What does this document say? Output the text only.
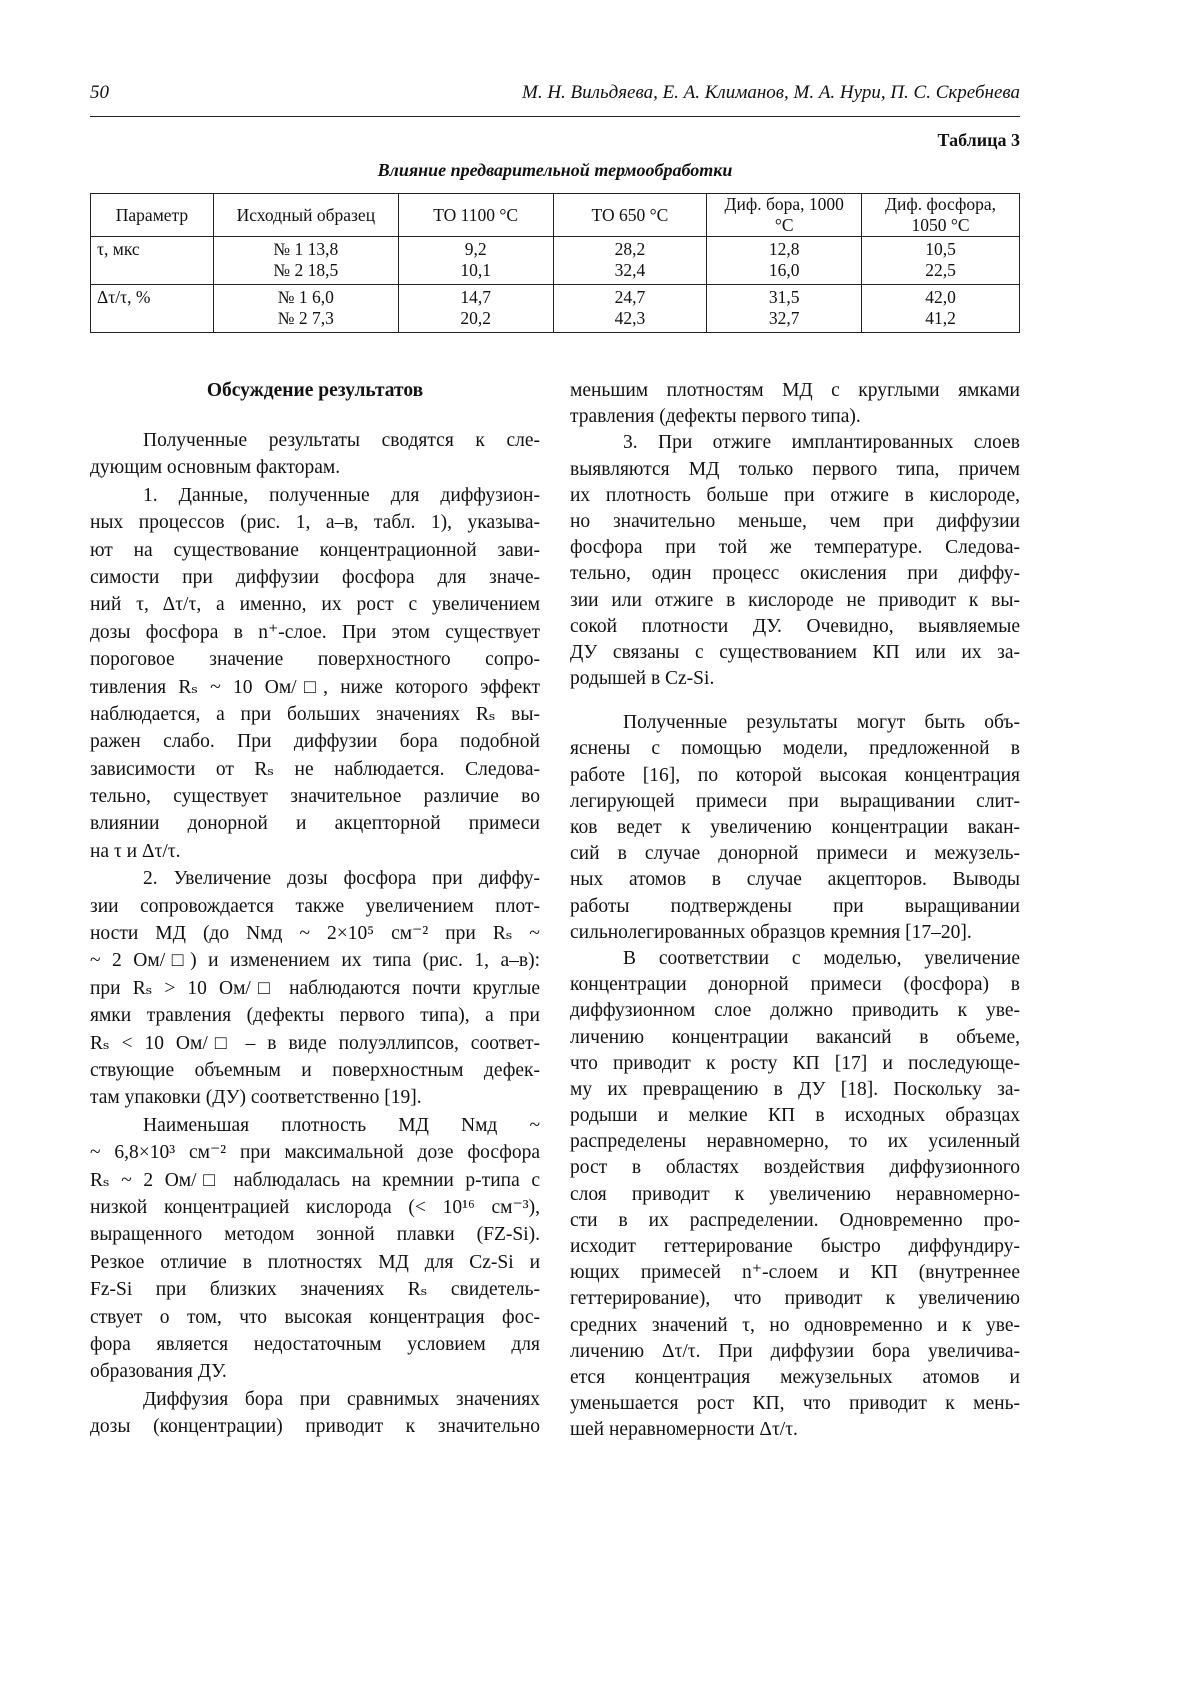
50	М. Н. Вильдяева, Е. А. Климанов, М. А. Нури, П. С. Скребнева
Таблица 3
Влияние предварительной термообработки
Параметр	Исходный образец	ТО 1100 °С	ТО 650 °С	Диф. бора, 1000 °С	Диф. фосфора, 1050 °С
τ, мкс	№ 1 13,8
№ 2 18,5

9,2
10,1

28,2
32,4

12,8
16,0

10,5
22,5

Δτ/τ, %	№ 1 6,0
№ 2 7,3

14,7
20,2

24,7
42,3

31,5
32,7

42,0
41,2
Обсуждение результатов
Полученные результаты сводятся к сле-
дующим основным факторам.
1. Данные, полученные для диффузион-
ных процессов (рис. 1, а–в, табл. 1), указыва-
ют на существование концентрационной зави-
симости при диффузии фосфора для значе-
ний τ, Δτ/τ, а именно, их рост с увеличением
дозы фосфора в n⁺-слое. При этом существует
пороговое значение поверхностного сопро-
тивления Rₛ ~ 10 Ом/□, ниже которого эффект
наблюдается, а при больших значениях Rₛ вы-
ражен слабо. При диффузии бора подобной
зависимости от Rₛ не наблюдается. Следова-
тельно, существует значительное различие во
влиянии донорной и акцепторной примеси
на τ и Δτ/τ.
2. Увеличение дозы фосфора при диффу-
зии сопровождается также увеличением плот-
ности МД (до Nмд ~ 2×10⁵ см⁻² при Rₛ ~
~ 2 Ом/□) и изменением их типа (рис. 1, а–в):
при Rₛ > 10 Ом/□ наблюдаются почти круглые
ямки травления (дефекты первого типа), а при
Rₛ < 10 Ом/□ – в виде полуэллипсов, соответ-
ствующие объемным и поверхностным дефек-
там упаковки (ДУ) соответственно [19].
Наименьшая плотность МД Nмд ~
~ 6,8×10³ см⁻² при максимальной дозе фосфора
Rₛ ~ 2 Ом/□ наблюдалась на кремнии p-типа с
низкой концентрацией кислорода (< 10¹⁶ см⁻³),
выращенного методом зонной плавки (FZ-Si).
Резкое отличие в плотностях МД для Cz-Si и
Fz-Si при близких значениях Rₛ свидетель-
ствует о том, что высокая концентрация фос-
фора является недостаточным условием для
образования ДУ.
Диффузия бора при сравнимых значениях
дозы (концентрации) приводит к значительно
меньшим плотностям МД с круглыми ямками
травления (дефекты первого типа).
3. При отжиге имплантированных слоев
выявляются МД только первого типа, причем
их плотность больше при отжиге в кислороде,
но значительно меньше, чем при диффузии
фосфора при той же температуре. Следова-
тельно, один процесс окисления при диффу-
зии или отжиге в кислороде не приводит к вы-
сокой плотности ДУ. Очевидно, выявляемые
ДУ связаны с существованием КП или их за-
родышей в Cz-Si.
Полученные результаты могут быть объ-
яснены с помощью модели, предложенной в
работе [16], по которой высокая концентрация
легирующей примеси при выращивании слит-
ков ведет к увеличению концентрации вакан-
сий в случае донорной примеси и межузель-
ных атомов в случае акцепторов. Выводы
работы подтверждены при выращивании
сильнолегированных образцов кремния [17–20].
В соответствии с моделью, увеличение
концентрации донорной примеси (фосфора) в
диффузионном слое должно приводить к уве-
личению концентрации вакансий в объеме,
что приводит к росту КП [17] и последующе-
му их превращению в ДУ [18]. Поскольку за-
родыши и мелкие КП в исходных образцах
распределены неравномерно, то их усиленный
рост в областях воздействия диффузионного
слоя приводит к увеличению неравномерно-
сти в их распределении. Одновременно про-
исходит геттерирование быстро диффундиру-
ющих примесей n⁺-слоем и КП (внутреннее
геттерирование), что приводит к увеличению
средних значений τ, но одновременно и к уве-
личению Δτ/τ. При диффузии бора увеличива-
ется концентрация межузельных атомов и
уменьшается рост КП, что приводит к мень-
шей неравномерности Δτ/τ.
